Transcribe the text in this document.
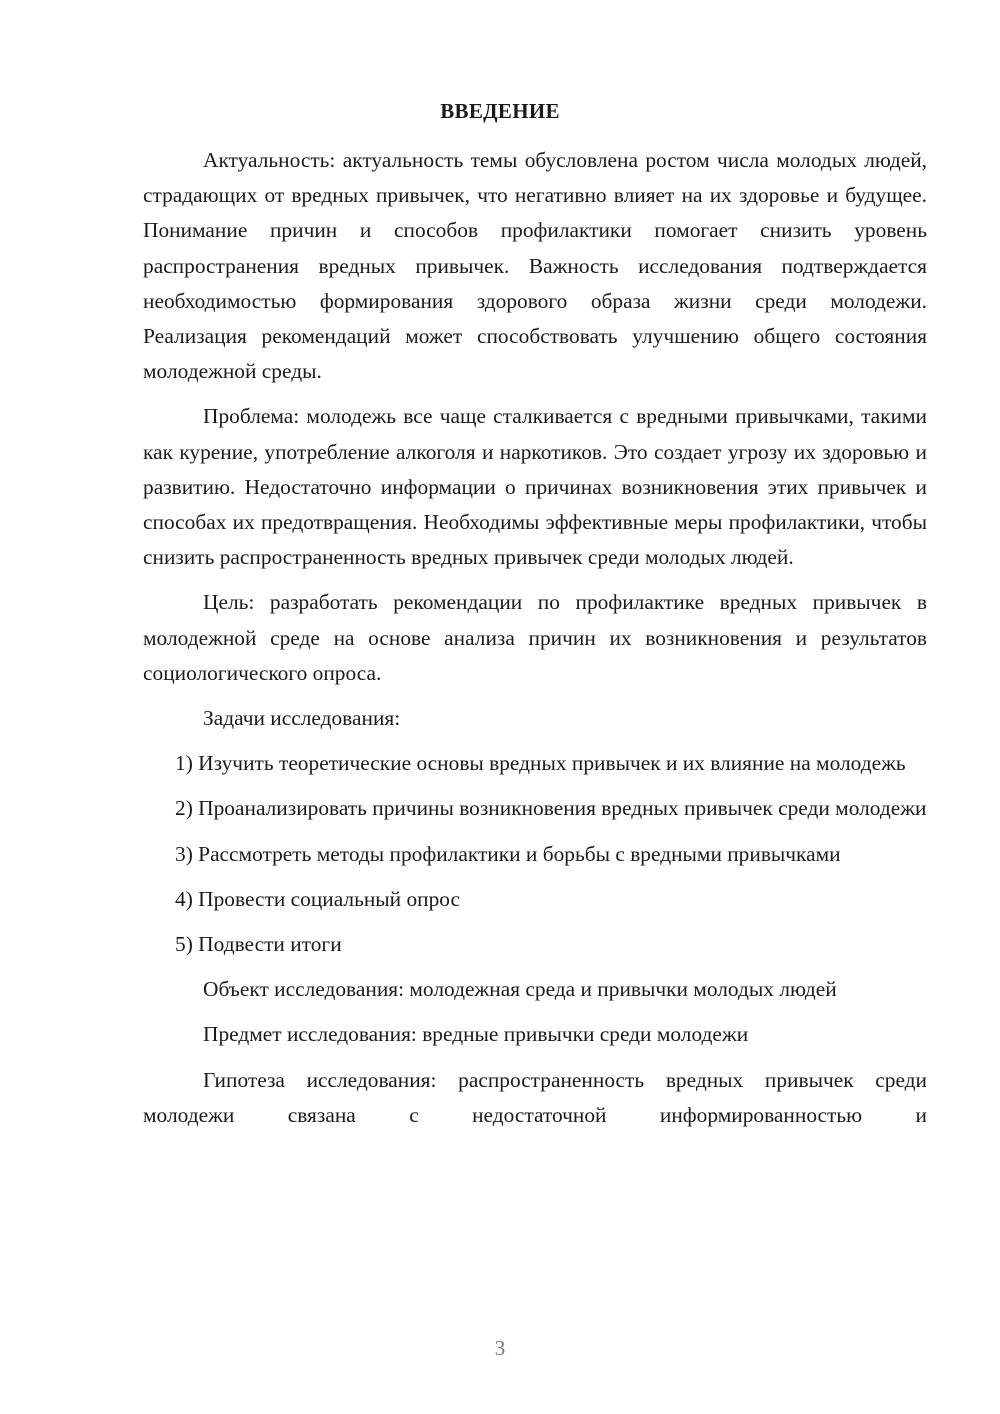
ВВЕДЕНИЕ

Актуальность: актуальность темы обусловлена ростом числа молодых людей, страдающих от вредных привычек, что негативно влияет на их здоровье и будущее. Понимание причин и способов профилактики помогает снизить уровень распространения вредных привычек. Важность исследования подтверждается необходимостью формирования здорового образа жизни среди молодежи. Реализация рекомендаций может способствовать улучшению общего состояния молодежной среды.

Проблема: молодежь все чаще сталкивается с вредными привычками, такими как курение, употребление алкоголя и наркотиков. Это создает угрозу их здоровью и развитию. Недостаточно информации о причинах возникновения этих привычек и способах их предотвращения. Необходимы эффективные меры профилактики, чтобы снизить распространенность вредных привычек среди молодых людей.

Цель: разработать рекомендации по профилактике вредных привычек в молодежной среде на основе анализа причин их возникновения и результатов социологического опроса.

Задачи исследования:

1) Изучить теоретические основы вредных привычек и их влияние на молодежь

2) Проанализировать причины возникновения вредных привычек среди молодежи

3) Рассмотреть методы профилактики и борьбы с вредными привычками

4) Провести социальный опрос

5) Подвести итоги

Объект исследования: молодежная среда и привычки молодых людей

Предмет исследования: вредные привычки среди молодежи

Гипотеза исследования: распространенность вредных привычек среди молодежи связана с недостаточной информированностью и

3
